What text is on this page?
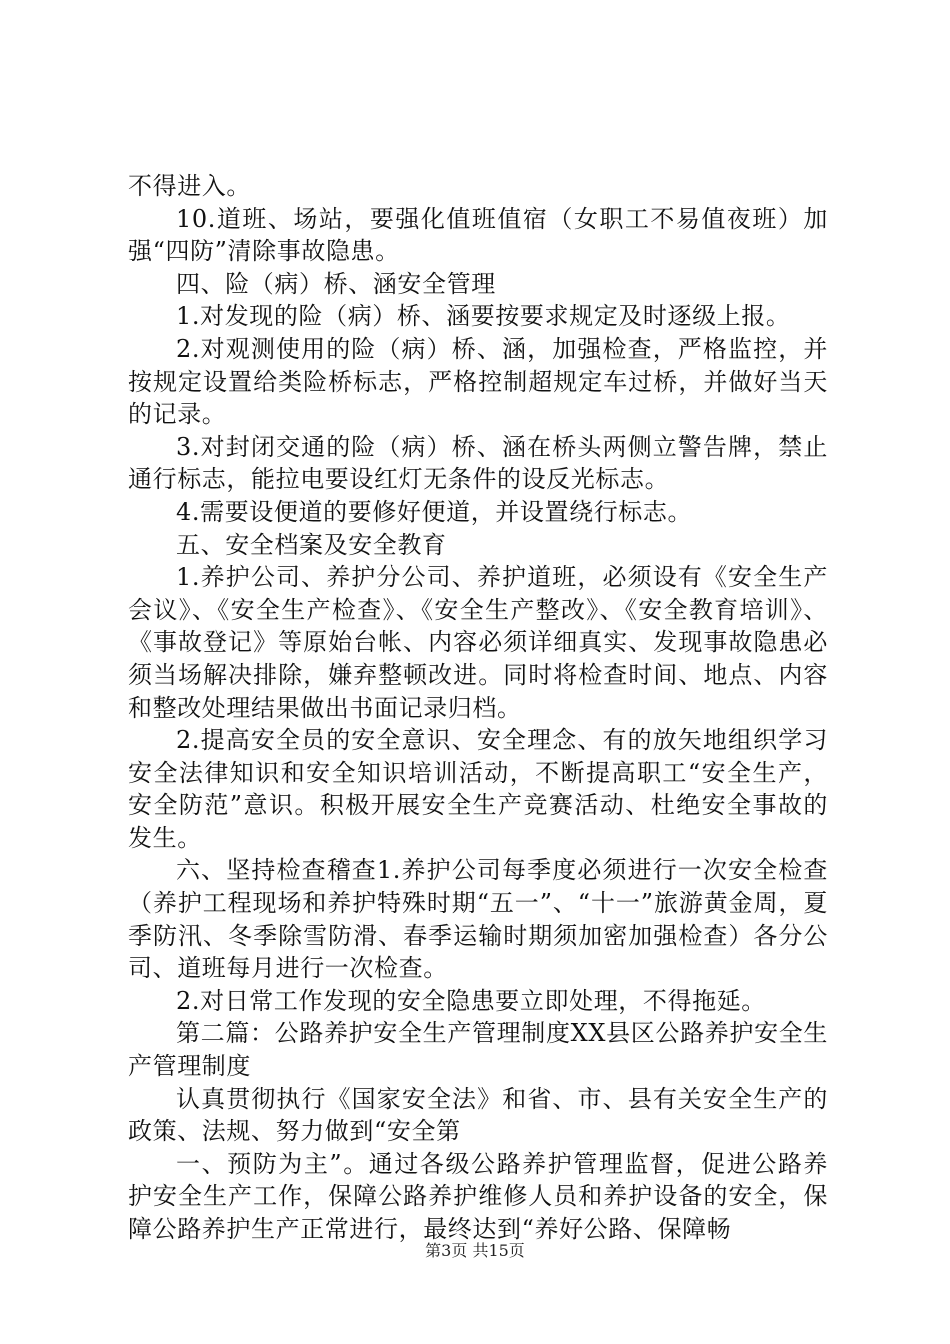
不得进入。

10.道班、场站，要强化值班值宿（女职工不易值夜班）加强“四防”清除事故隐患。

四、险（病）桥、涵安全管理

1.对发现的险（病）桥、涵要按要求规定及时逐级上报。

2.对观测使用的险（病）桥、涵，加强检查，严格监控，并按规定设置给类险桥标志，严格控制超规定车过桥，并做好当天的记录。

3.对封闭交通的险（病）桥、涵在桥头两侧立警告牌，禁止通行标志，能拉电要设红灯无条件的设反光标志。

4.需要设便道的要修好便道，并设置绕行标志。

五、安全档案及安全教育

1.养护公司、养护分公司、养护道班，必须设有《安全生产会议》、《安全生产检查》、《安全生产整改》、《安全教育培训》、《事故登记》等原始台帐、内容必须详细真实、发现事故隐患必须当场解决排除，嫌弃整顿改进。同时将检查时间、地点、内容和整改处理结果做出书面记录归档。

2.提高安全员的安全意识、安全理念、有的放矢地组织学习安全法律知识和安全知识培训活动，不断提高职工“安全生产，安全防范”意识。积极开展安全生产竞赛活动、杜绝安全事故的发生。

六、坚持检查稽查1.养护公司每季度必须进行一次安全检查（养护工程现场和养护特殊时期“五一”、“十一”旅游黄金周，夏季防汛、冬季除雪防滑、春季运输时期须加密加强检查）各分公司、道班每月进行一次检查。

2.对日常工作发现的安全隐患要立即处理，不得拖延。

第二篇：公路养护安全生产管理制度XX县区公路养护安全生产管理制度

认真贯彻执行《国家安全法》和省、市、县有关安全生产的政策、法规、努力做到“安全第

一、预防为主”。通过各级公路养护管理监督，促进公路养护安全生产工作，保障公路养护维修人员和养护设备的安全，保障公路养护生产正常进行，最终达到“养好公路、保障畅

第3页 共15页
